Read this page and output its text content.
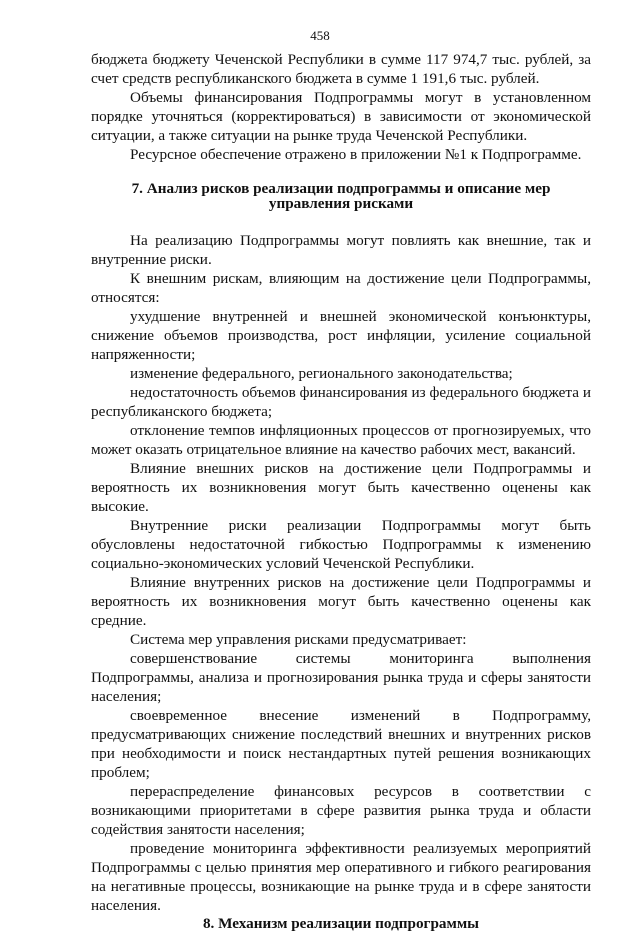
458

бюджета бюджету Чеченской Республики в сумме 117 974,7 тыс. рублей, за счет средств республиканского бюджета в сумме 1 191,6 тыс. рублей.

Объемы финансирования Подпрограммы могут в установленном порядке уточняться (корректироваться) в зависимости от экономической ситуации, а также ситуации на рынке труда Чеченской Республики.

Ресурсное обеспечение отражено в приложении №1 к Подпрограмме.

7. Анализ рисков реализации подпрограммы и описание мер управления рисками

На реализацию Подпрограммы могут повлиять как внешние, так и внутренние риски.

К внешним рискам, влияющим на достижение цели Подпрограммы, относятся:

ухудшение внутренней и внешней экономической конъюнктуры, снижение объемов производства, рост инфляции, усиление социальной напряженности;

изменение федерального, регионального законодательства;

недостаточность объемов финансирования из федерального бюджета и республиканского бюджета;

отклонение темпов инфляционных процессов от прогнозируемых, что может оказать отрицательное влияние на качество рабочих мест, вакансий.

Влияние внешних рисков на достижение цели Подпрограммы и вероятность их возникновения могут быть качественно оценены как высокие.

Внутренние риски реализации Подпрограммы могут быть обусловлены недостаточной гибкостью Подпрограммы к изменению социально-экономических условий Чеченской Республики.

Влияние внутренних рисков на достижение цели Подпрограммы и вероятность их возникновения могут быть качественно оценены как средние.

Система мер управления рисками предусматривает:

совершенствование системы мониторинга выполнения Подпрограммы, анализа и прогнозирования рынка труда и сферы занятости населения;

своевременное внесение изменений в Подпрограмму, предусматривающих снижение последствий внешних и внутренних рисков при необходимости и поиск нестандартных путей решения возникающих проблем;

перераспределение финансовых ресурсов в соответствии с возникающими приоритетами в сфере развития рынка труда и области содействия занятости населения;

проведение мониторинга эффективности реализуемых мероприятий Подпрограммы с целью принятия мер оперативного и гибкого реагирования на негативные процессы, возникающие на рынке труда и в сфере занятости населения.

8. Механизм реализации подпрограммы
